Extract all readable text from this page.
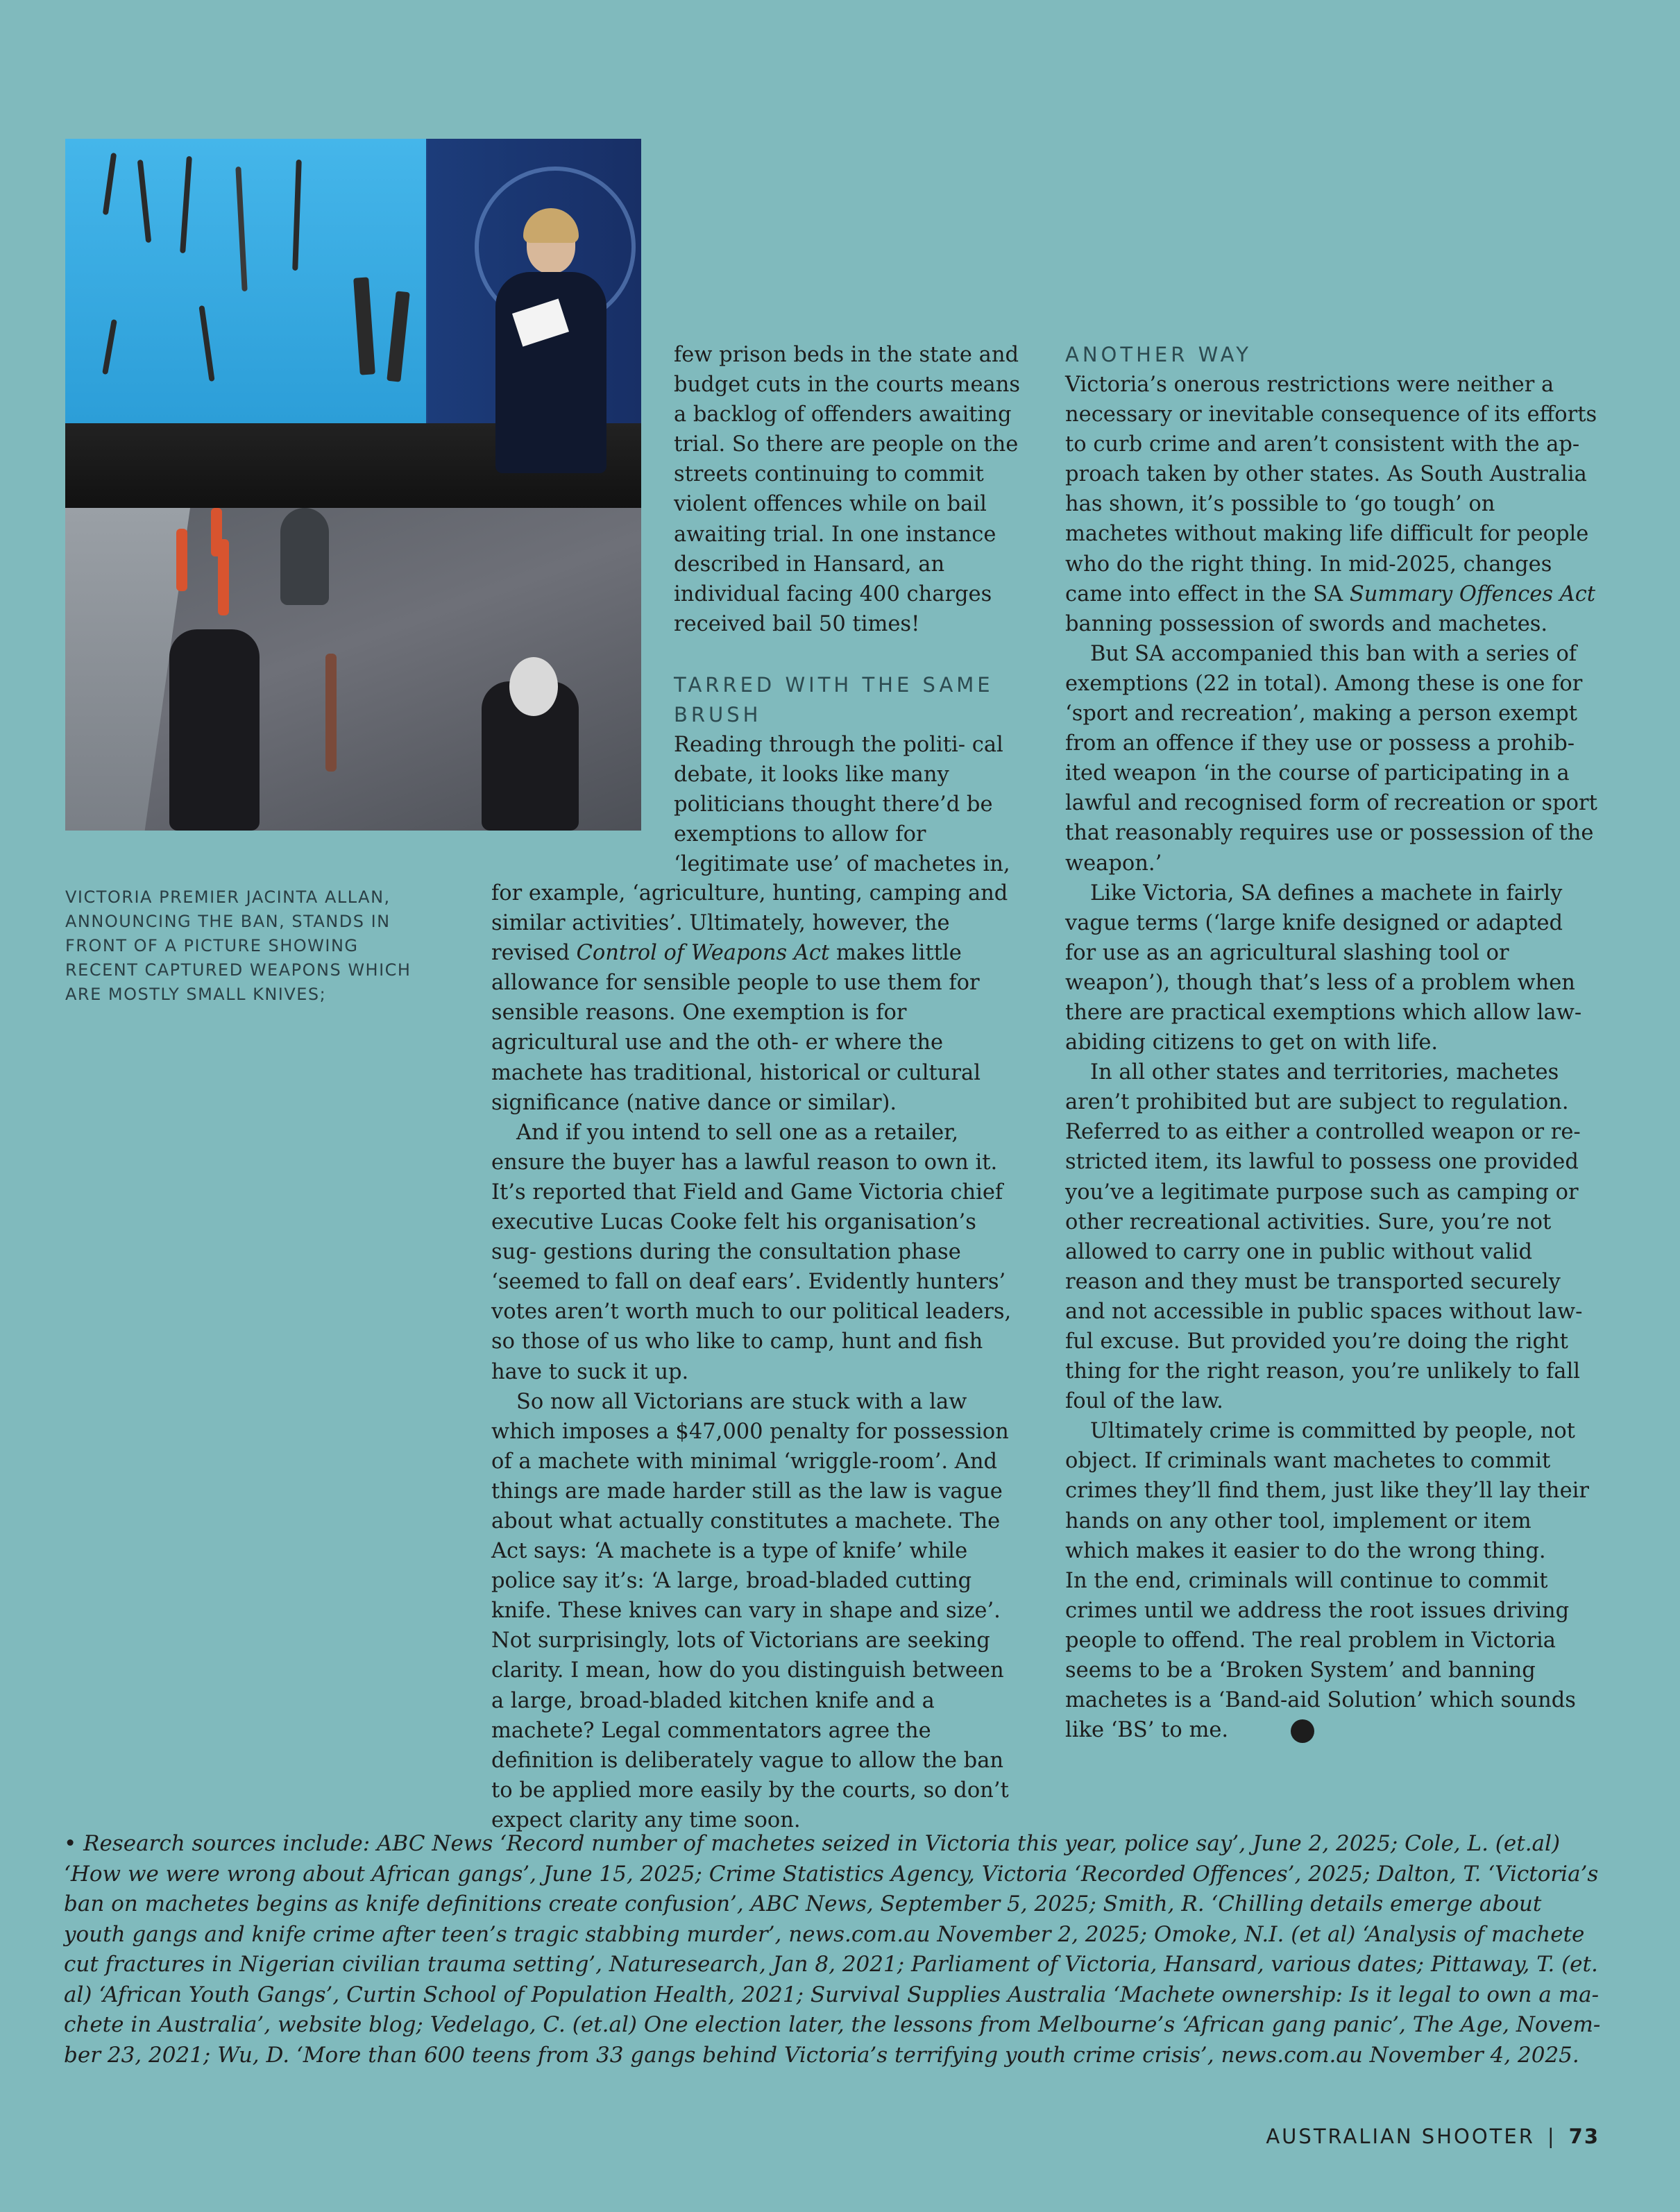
VICTORIA PREMIER JACINTA ALLAN, ANNOUNCING THE BAN, STANDS IN FRONT OF A PICTURE SHOWING RECENT CAPTURED WEAPONS WHICH ARE MOSTLY SMALL KNIVES;

few prison beds in the state and budget cuts in the courts means a backlog of offenders awaiting trial. So there are people on the streets continuing to commit violent offences while on bail awaiting trial. In one instance described in Hansard, an individual facing 400 charges received bail 50 times!

TARRED WITH THE SAME BRUSH

Reading through the politi- cal debate, it looks like many politicians thought there’d be exemptions to allow for ‘legitimate use’ of machetes in,

for example, ‘agriculture, hunting, camping and similar activities’. Ultimately, however, the revised Control of Weapons Act makes little allowance for sensible people to use them for sensible reasons. One exemption is for agricultural use and the oth- er where the machete has traditional, historical or cultural significance (native dance or similar).

And if you intend to sell one as a retailer, ensure the buyer has a lawful reason to own it. It’s reported that Field and Game Victoria chief executive Lucas Cooke felt his organisation’s sug- gestions during the consultation phase ‘seemed to fall on deaf ears’. Evidently hunters’ votes aren’t worth much to our political leaders, so those of us who like to camp, hunt and fish have to suck it up.

So now all Victorians are stuck with a law which imposes a $47,000 penalty for possession of a machete with minimal ‘wriggle-room’. And things are made harder still as the law is vague about what actually constitutes a machete. The Act says: ‘A machete is a type of knife’ while police say it’s: ‘A large, broad-bladed cutting knife. These knives can vary in shape and size’. Not surprisingly, lots of Victorians are seeking clarity. I mean, how do you distinguish between a large, broad-bladed kitchen knife and a machete? Legal commentators agree the definition is deliberately vague to allow the ban to be applied more easily by the courts, so don’t expect clarity any time soon.

ANOTHER WAY

Victoria’s onerous restrictions were neither a necessary or inevitable consequence of its efforts to curb crime and aren’t consistent with the ap- proach taken by other states. As South Australia has shown, it’s possible to ‘go tough’ on machetes without making life difficult for people who do the right thing. In mid-2025, changes came into effect in the SA Summary Offences Act banning possession of swords and machetes.

But SA accompanied this ban with a series of exemptions (22 in total). Among these is one for ‘sport and recreation’, making a person exempt from an offence if they use or possess a prohib- ited weapon ‘in the course of participating in a lawful and recognised form of recreation or sport that reasonably requires use or possession of the weapon.’

Like Victoria, SA defines a machete in fairly vague terms (‘large knife designed or adapted for use as an agricultural slashing tool or weapon’), though that’s less of a problem when there are practical exemptions which allow law-abiding citizens to get on with life.

In all other states and territories, machetes aren’t prohibited but are subject to regulation. Referred to as either a controlled weapon or re- stricted item, its lawful to possess one provided you’ve a legitimate purpose such as camping or other recreational activities. Sure, you’re not allowed to carry one in public without valid reason and they must be transported securely and not accessible in public spaces without law- ful excuse. But provided you’re doing the right thing for the right reason, you’re unlikely to fall foul of the law.

Ultimately crime is committed by people, not object. If criminals want machetes to commit crimes they’ll find them, just like they’ll lay their hands on any other tool, implement or item which makes it easier to do the wrong thing.

In the end, criminals will continue to commit crimes until we address the root issues driving people to offend. The real problem in Victoria seems to be a ‘Broken System’ and banning machetes is a ‘Band-aid Solution’ which sounds like ‘BS’ to me.

• Research sources include: ABC News ‘Record number of machetes seized in Victoria this year, police say’, June 2, 2025; Cole, L. (et.al) ‘How we were wrong about African gangs’, June 15, 2025; Crime Statistics Agency, Victoria ‘Recorded Offences’, 2025; Dalton, T. ‘Victoria’s ban on machetes begins as knife definitions create confusion’, ABC News, September 5, 2025; Smith, R. ‘Chilling details emerge about youth gangs and knife crime after teen’s tragic stabbing murder’, news.com.au November 2, 2025; Omoke, N.I. (et al) ‘Analysis of machete cut fractures in Nigerian civilian trauma setting’, Naturesearch, Jan 8, 2021; Parliament of Victoria, Hansard, various dates; Pittaway, T. (et. al) ‘African Youth Gangs’, Curtin School of Population Health, 2021; Survival Supplies Australia ‘Machete ownership: Is it legal to own a ma- chete in Australia’, website blog; Vedelago, C. (et.al) One election later, the lessons from Melbourne’s ‘African gang panic’, The Age, Novem- ber 23, 2021; Wu, D. ‘More than 600 teens from 33 gangs behind Victoria’s terrifying youth crime crisis’, news.com.au November 4, 2025.
AUSTRALIAN SHOOTER | 73
